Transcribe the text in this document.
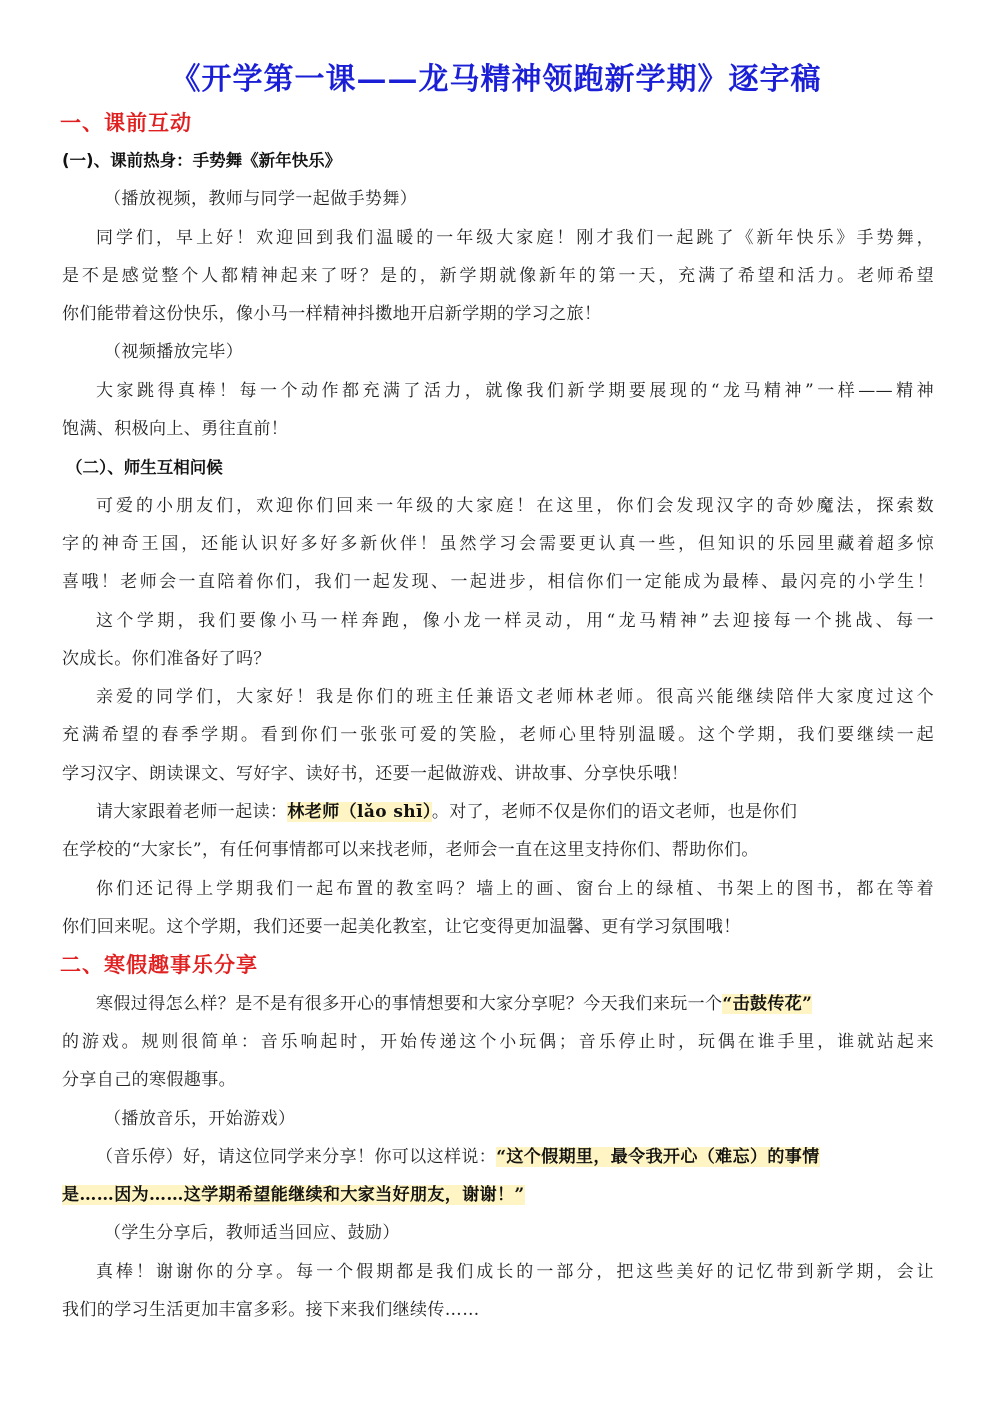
《开学第一课——龙马精神领跑新学期》逐字稿
一、课前互动
(一)、课前热身：手势舞《新年快乐》

（播放视频，教师与同学一起做手势舞）

同学们，早上好！欢迎回到我们温暖的一年级大家庭！刚才我们一起跳了《新年快乐》手势舞，

是不是感觉整个人都精神起来了呀？是的，新学期就像新年的第一天，充满了希望和活力。老师希望

你们能带着这份快乐，像小马一样精神抖擞地开启新学期的学习之旅！

（视频播放完毕）

大家跳得真棒！每一个动作都充满了活力，就像我们新学期要展现的“龙马精神”一样——精神

饱满、积极向上、勇往直前！

（二）、师生互相问候

可爱的小朋友们，欢迎你们回来一年级的大家庭！在这里，你们会发现汉字的奇妙魔法，探索数

字的神奇王国，还能认识好多好多新伙伴！虽然学习会需要更认真一些，但知识的乐园里藏着超多惊

喜哦！老师会一直陪着你们，我们一起发现、一起进步，相信你们一定能成为最棒、最闪亮的小学生！

这个学期，我们要像小马一样奔跑，像小龙一样灵动，用“龙马精神”去迎接每一个挑战、每一

次成长。你们准备好了吗？

亲爱的同学们，大家好！我是你们的班主任兼语文老师林老师。很高兴能继续陪伴大家度过这个

充满希望的春季学期。看到你们一张张可爱的笑脸，老师心里特别温暖。这个学期，我们要继续一起

学习汉字、朗读课文、写好字、读好书，还要一起做游戏、讲故事、分享快乐哦！

请大家跟着老师一起读：林老师（lǎo shī）。对了，老师不仅是你们的语文老师，也是你们

在学校的“大家长”，有任何事情都可以来找老师，老师会一直在这里支持你们、帮助你们。

你们还记得上学期我们一起布置的教室吗？墙上的画、窗台上的绿植、书架上的图书，都在等着

你们回来呢。这个学期，我们还要一起美化教室，让它变得更加温馨、更有学习氛围哦！

二、寒假趣事乐分享

寒假过得怎么样？是不是有很多开心的事情想要和大家分享呢？今天我们来玩一个“击鼓传花”

的游戏。规则很简单：音乐响起时，开始传递这个小玩偶；音乐停止时，玩偶在谁手里，谁就站起来

分享自己的寒假趣事。

（播放音乐，开始游戏）

（音乐停）好，请这位同学来分享！你可以这样说：“这个假期里，最令我开心（难忘）的事情

是……因为……这学期希望能继续和大家当好朋友，谢谢！”

（学生分享后，教师适当回应、鼓励）

真棒！谢谢你的分享。每一个假期都是我们成长的一部分，把这些美好的记忆带到新学期，会让

我们的学习生活更加丰富多彩。接下来我们继续传……
